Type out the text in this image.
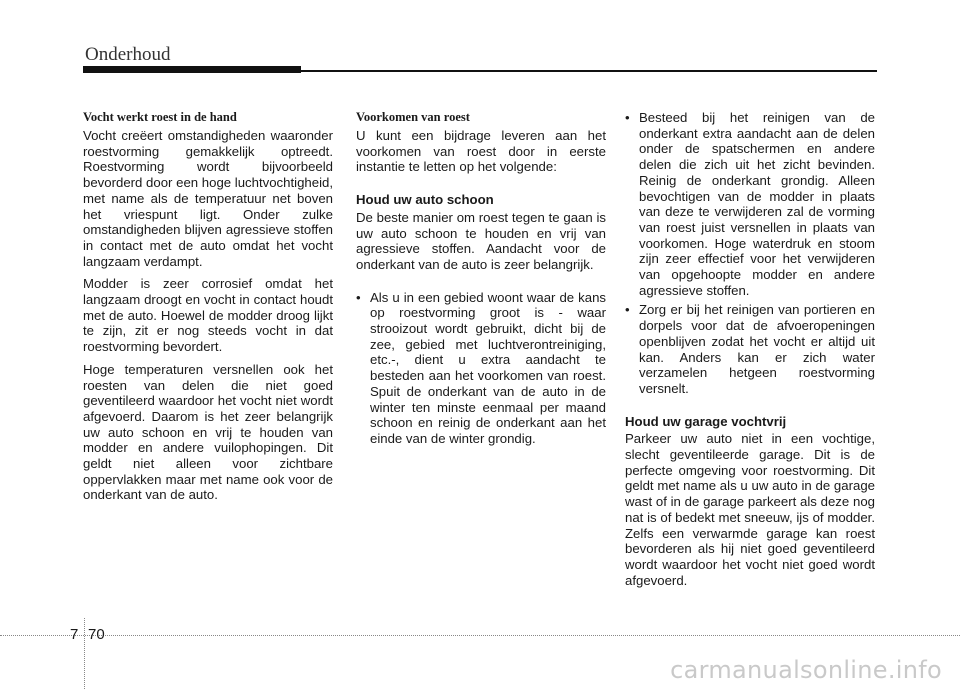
Onderhoud
Vocht werkt roest in de hand

Vocht creëert omstandigheden waaronder roestvorming gemakkelijk optreedt. Roestvorming wordt bijvoorbeeld bevorderd door een hoge luchtvochtigheid, met name als de temperatuur net boven het vriespunt ligt. Onder zulke omstandigheden blijven agressieve stoffen in contact met de auto omdat het vocht langzaam verdampt.

Modder is zeer corrosief omdat het langzaam droogt en vocht in contact houdt met de auto. Hoewel de modder droog lijkt te zijn, zit er nog steeds vocht in dat roestvorming bevordert.

Hoge temperaturen versnellen ook het roesten van delen die niet goed geventileerd waardoor het vocht niet wordt afgevoerd. Daarom is het zeer belangrijk uw auto schoon en vrij te houden van modder en andere vuilophopingen. Dit geldt niet alleen voor zichtbare oppervlakken maar met name ook voor de onderkant van de auto.

Voorkomen van roest

U kunt een bijdrage leveren aan het voorkomen van roest door in eerste instantie te letten op het volgende:

Houd uw auto schoon

De beste manier om roest tegen te gaan is uw auto schoon te houden en vrij van agressieve stoffen. Aandacht voor de onderkant van de auto is zeer belangrijk.

• Als u in een gebied woont waar de kans op roestvorming groot is - waar strooizout wordt gebruikt, dicht bij de zee, gebied met luchtverontreiniging, etc.-, dient u extra aandacht te besteden aan het voorkomen van roest. Spuit de onderkant van de auto in de winter ten minste eenmaal per maand schoon en reinig de onderkant aan het einde van de winter grondig.
• Besteed bij het reinigen van de onderkant extra aandacht aan de delen onder de spatschermen en andere delen die zich uit het zicht bevinden. Reinig de onderkant grondig. Alleen bevochtigen van de modder in plaats van deze te verwijderen zal de vorming van roest juist versnellen in plaats van voorkomen. Hoge waterdruk en stoom zijn zeer effectief voor het verwijderen van opgehoopte modder en andere agressieve stoffen.
• Zorg er bij het reinigen van portieren en dorpels voor dat de afvoeropeningen openblijven zodat het vocht er altijd uit kan. Anders kan er zich water verzamelen hetgeen roestvorming versnelt.
Houd uw garage vochtvrij

Parkeer uw auto niet in een vochtige, slecht geventileerde garage. Dit is de perfecte omgeving voor roestvorming. Dit geldt met name als u uw auto in de garage wast of in de garage parkeert als deze nog nat is of bedekt met sneeuw, ijs of modder. Zelfs een verwarmde garage kan roest bevorderen als hij niet goed geventileerd wordt waardoor het vocht niet goed wordt afgevoerd.

7 70
carmanualsonline.info
